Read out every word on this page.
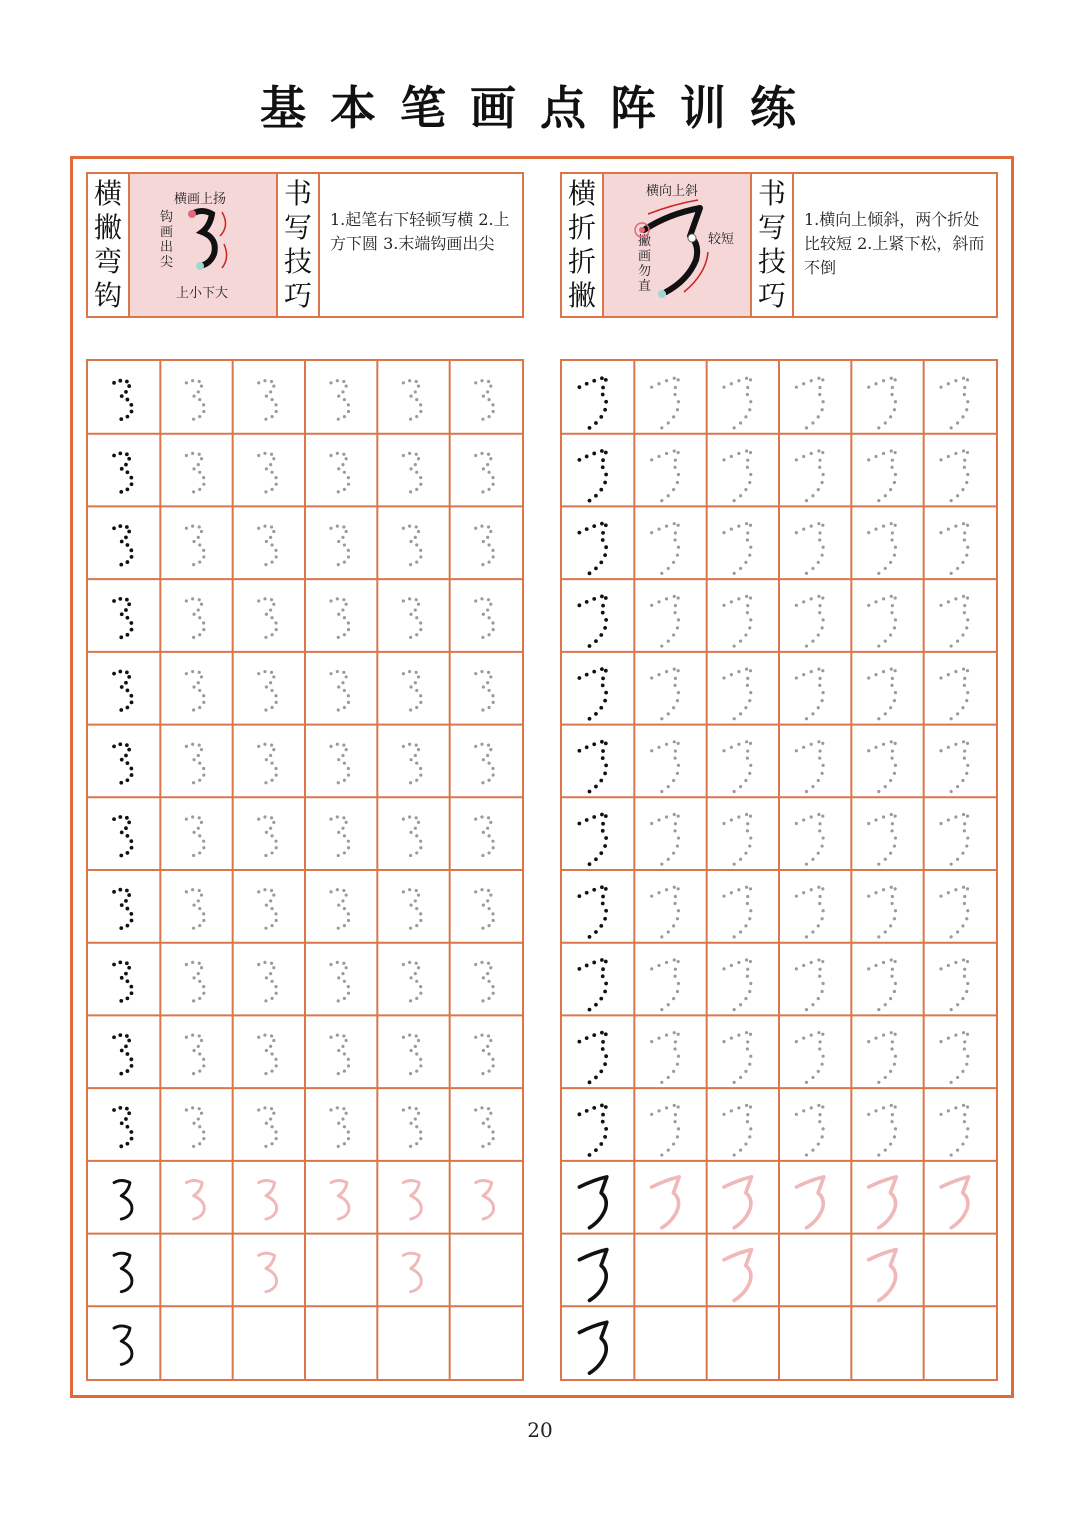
基本笔画点阵训练
横
撇
弯
钩
横画上扬
钩
画
出
尖
上小下大
书
写
技
巧
1.起笔右下轻顿写横 2.上方下圆 3.末端钩画出尖
横
折
折
撇
横向上斜
撇
画
勿
直
较短
书
写
技
巧
1.横向上倾斜，两个折处比较短 2.上紧下松，斜而不倒
20
